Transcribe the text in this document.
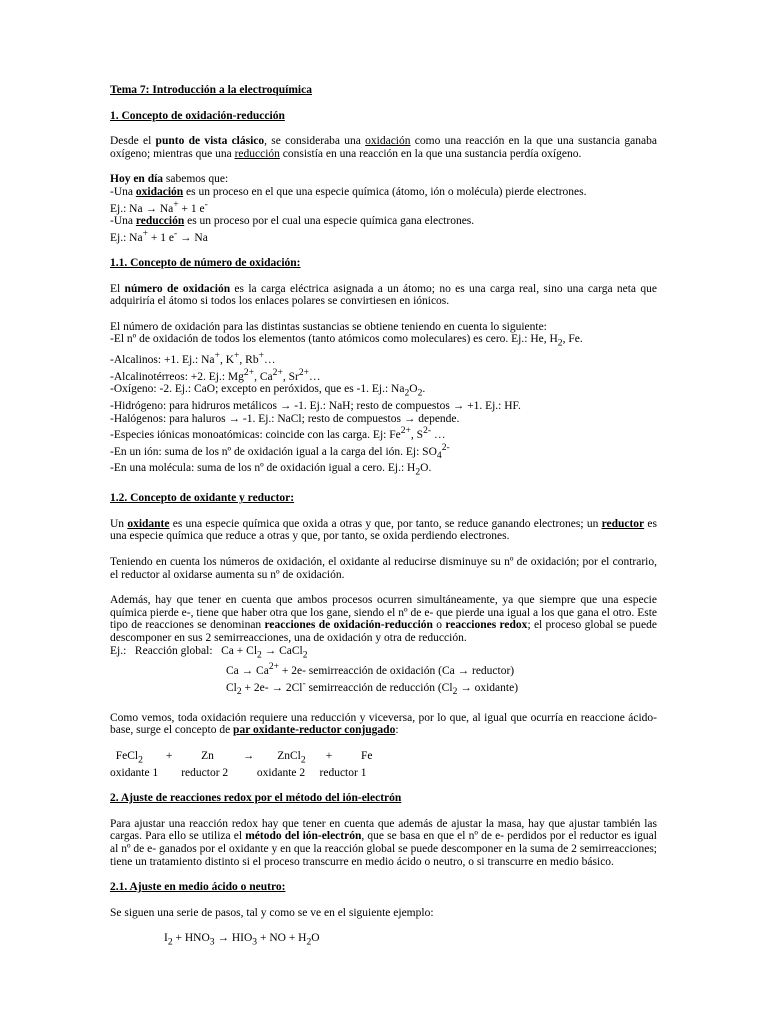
Tema 7: Introducción a la electroquímica

1. Concepto de oxidación-reducción

Desde el punto de vista clásico, se consideraba una oxidación como una reacción en la que una sustancia ganaba oxígeno; mientras que una reducción consistía en una reacción en la que una sustancia perdía oxígeno.

Hoy en día sabemos que:

-Una oxidación es un proceso en el que una especie química (átomo, ión o molécula) pierde electrones.

Ej.: Na → Na+ + 1 e-

-Una reducción es un proceso por el cual una especie química gana electrones.

Ej.: Na+ + 1 e- → Na

1.1. Concepto de número de oxidación:

El número de oxidación es la carga eléctrica asignada a un átomo; no es una carga real, sino una carga neta que adquiriría el átomo si todos los enlaces polares se convirtiesen en iónicos.

El número de oxidación para las distintas sustancias se obtiene teniendo en cuenta lo siguiente:

-El nº de oxidación de todos los elementos (tanto atómicos como moleculares) es cero. Ej.: He, $H_2$, Fe.

-Alcalinos: +1. Ej.: Na+, K+, Rb+…

-Alcalinotérreos: +2. Ej.: $Mg^{2+}$, $Ca^{2+}$, $Sr^{2+}\dots$

-Oxígeno: -2. Ej.: CaO; excepto en peróxidos, que es -1. Ej.: $Na_2O_2$.

-Hidrógeno: para hidruros metálicos → -1. Ej.: NaH; resto de compuestos → +1. Ej.: HF.

-Halógenos: para haluros → -1. Ej.: NaCl; resto de compuestos → depende.

-Especies iónicas monoatómicas: coincide con las carga. Ej: $Fe^{2+}$, $S^{2-}$ …

-En un ión: suma de los nº de oxidación igual a la carga del ión. Ej: $SO_4^{2-}$

-En una molécula: suma de los nº de oxidación igual a cero. Ej.: $H_2O$.

1.2. Concepto de oxidante y reductor:

Un oxidante es una especie química que oxida a otras y que, por tanto, se reduce ganando electrones; un reductor es una especie química que reduce a otras y que, por tanto, se oxida perdiendo electrones.

Teniendo en cuenta los números de oxidación, el oxidante al reducirse disminuye su nº de oxidación; por el contrario, el reductor al oxidarse aumenta su nº de oxidación.

Además, hay que tener en cuenta que ambos procesos ocurren simultáneamente, ya que siempre que una especie química pierde e-, tiene que haber otra que los gane, siendo el nº de e- que pierde una igual a los que gana el otro. Este tipo de reacciones se denominan reacciones de oxidación-reducción o reacciones redox; el proceso global se puede descomponer en sus 2 semirreacciones, una de oxidación y otra de reducción.

Ej.:   Reacción global:   $Ca + Cl_2$ → CaCl$_2$

$Ca \to Ca^{2+} + 2e-$ semirreacción de oxidación (Ca → reductor)

$Cl_2 + 2e- \to 2Cl^-$ semirreacción de reducción ($Cl_2$ → oxidante)

Como vemos, toda oxidación requiere una reducción y viceversa, por lo que, al igual que ocurría en reaccione ácido-base, surge el concepto de par oxidante-reductor conjugado:

FeCl$_2$        +          Zn          →        ZnCl$_2$       +          Fe

oxidante 1        reductor 2          oxidante 2     reductor 1

2. Ajuste de reacciones redox por el método del ión-electrón

Para ajustar una reacción redox hay que tener en cuenta que además de ajustar la masa, hay que ajustar también las cargas. Para ello se utiliza el método del ión-electrón, que se basa en que el nº de e- perdidos por el reductor es igual al nº de e- ganados por el oxidante y en que la reacción global se puede descomponer en la suma de 2 semirreacciones; tiene un tratamiento distinto si el proceso transcurre en medio ácido o neutro, o si transcurre en medio básico.

2.1. Ajuste en medio ácido o neutro:

Se siguen una serie de pasos, tal y como se ve en el siguiente ejemplo:

$I_2 + HNO_3 \to HIO_3$ + NO + $H_2O$
